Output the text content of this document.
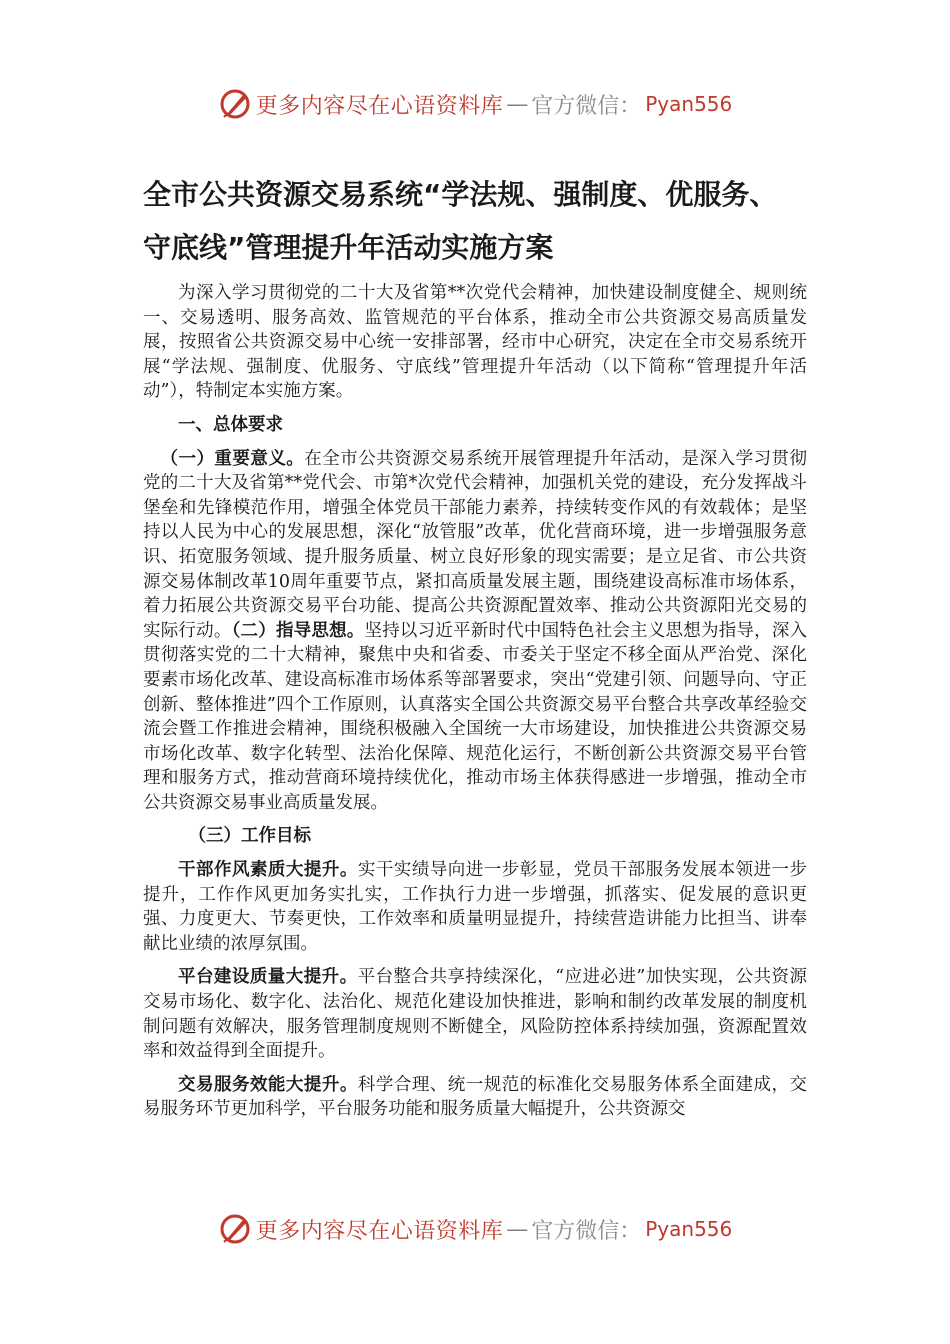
更多内容尽在心语资料库 — 官方微信： Pyan556
全市公共资源交易系统“学法规、强制度、优服务、
守底线”管理提升年活动实施方案

为深入学习贯彻党的二十大及省第**次党代会精神，加快建设制度健全、规则统一、交易透明、服务高效、监管规范的平台体系，推动全市公共资源交易高质量发展，按照省公共资源交易中心统一安排部署，经市中心研究，决定在全市交易系统开展“学法规、强制度、优服务、守底线”管理提升年活动（以下简称“管理提升年活动”），特制定本实施方案。

一、总体要求

（一）重要意义。在全市公共资源交易系统开展管理提升年活动，是深入学习贯彻党的二十大及省第**党代会、市第*次党代会精神，加强机关党的建设，充分发挥战斗堡垒和先锋模范作用，增强全体党员干部能力素养，持续转变作风的有效载体；是坚持以人民为中心的发展思想，深化“放管服”改革，优化营商环境，进一步增强服务意识、拓宽服务领域、提升服务质量、树立良好形象的现实需要；是立足省、市公共资源交易体制改革10周年重要节点，紧扣高质量发展主题，围绕建设高标准市场体系，着力拓展公共资源交易平台功能、提高公共资源配置效率、推动公共资源阳光交易的实际行动。（二）指导思想。坚持以习近平新时代中国特色社会主义思想为指导，深入贯彻落实党的二十大精神，聚焦中央和省委、市委关于坚定不移全面从严治党、深化要素市场化改革、建设高标准市场体系等部署要求，突出“党建引领、问题导向、守正创新、整体推进”四个工作原则，认真落实全国公共资源交易平台整合共享改革经验交流会暨工作推进会精神，围绕积极融入全国统一大市场建设，加快推进公共资源交易市场化改革、数字化转型、法治化保障、规范化运行，不断创新公共资源交易平台管理和服务方式，推动营商环境持续优化，推动市场主体获得感进一步增强，推动全市公共资源交易事业高质量发展。

（三）工作目标

干部作风素质大提升。实干实绩导向进一步彰显，党员干部服务发展本领进一步提升，工作作风更加务实扎实，工作执行力进一步增强，抓落实、促发展的意识更强、力度更大、节奏更快，工作效率和质量明显提升，持续营造讲能力比担当、讲奉献比业绩的浓厚氛围。

平台建设质量大提升。平台整合共享持续深化，“应进必进”加快实现，公共资源交易市场化、数字化、法治化、规范化建设加快推进，影响和制约改革发展的制度机制问题有效解决，服务管理制度规则不断健全，风险防控体系持续加强，资源配置效率和效益得到全面提升。

交易服务效能大提升。科学合理、统一规范的标准化交易服务体系全面建成，交易服务环节更加科学，平台服务功能和服务质量大幅提升，公共资源交

更多内容尽在心语资料库 — 官方微信： Pyan556
